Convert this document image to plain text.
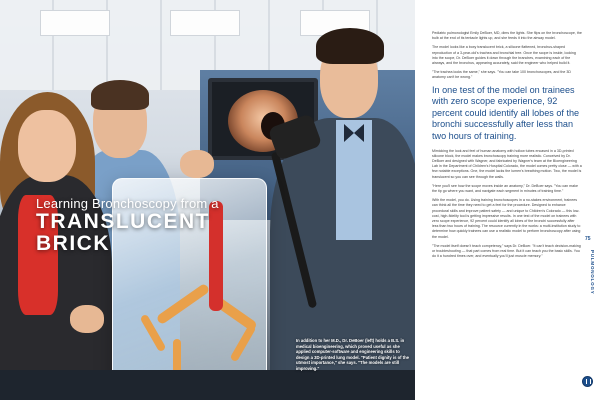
Learning Bronchoscopy from a
TRANSLUCENT
BRICK
In addition to her M.D., Dr. DeBoer (left) holds a B.S. in medical bioengineering, which proved useful as she applied computer-software and engineering skills to design a 3D-printed lung model. "Patient dignity is of the utmost importance," she says. "The models are still improving."

Pediatric pulmonologist Emily DeBoer, MD, dims the lights. She flips on the bronchoscope, the bulb at the end of its tentacle lights up, and she feeds it into the airway model.

The model looks like a boxy translucent brick, a silicone flattened, bronchus-shaped reproduction of a 3-year-old's trachea and bronchial tree. Once the scope is inside, looking into the scope, Dr. DeBoer guides it down through the branches, examining each of the airways, and the bronchus, appearing accurately, said the engineer who helped build it.

"The trachea looks the same," she says. "You can take 100 bronchoscopes, and the 3D anatomy can't be wrong."

In one test of the model on trainees with zero scope experience, 92 percent could identify all lobes of the bronchi successfully after less than two hours of training.

Mimicking the look and feel of human anatomy with hollow tubes encased in a 3D-printed silicone block, the model makes bronchoscopy training more realistic. Conceived by Dr. DeBoer and designed with Wagner, and fabricated by Wagner's team at the Bioengineering Lab in the Department of Children's Hospital Colorado, the model comes pretty close — with a few notable exceptions. One, the model lacks the lumen's breathing motion. Two, the model is translucent so you can see through the walls.

"Here you'll see how the scope moves inside an anatomy," Dr. DeBoer says. "You can make the tip go where you want, and navigate each segment in minutes of training time."

With the model, you do. Using training bronchoscopes in a no-stakes environment, trainees can think all the time they need to get a feel for the procedure. Designed to enhance procedural skills and improve patient safety — and unique to Children's Colorado — this low-cost, high-fidelity tool is getting impressive results. In one test of the model on trainees with zero scope experience, 92 percent could identify all lobes of the bronchi successfully after less than two hours of training. The resource currently in the works: a multi-institution study to determine how quickly trainees can use a realistic model to perform bronchoscopy after using the model.

"The model itself doesn't teach competency," says Dr. DeBoer. "It can't teach decision-making or troubleshooting — that part comes from real time. But it can teach you the basic skills. You do it a hundred times over, and eventually you'll just muscle memory."

75
PULMONOLOGY
